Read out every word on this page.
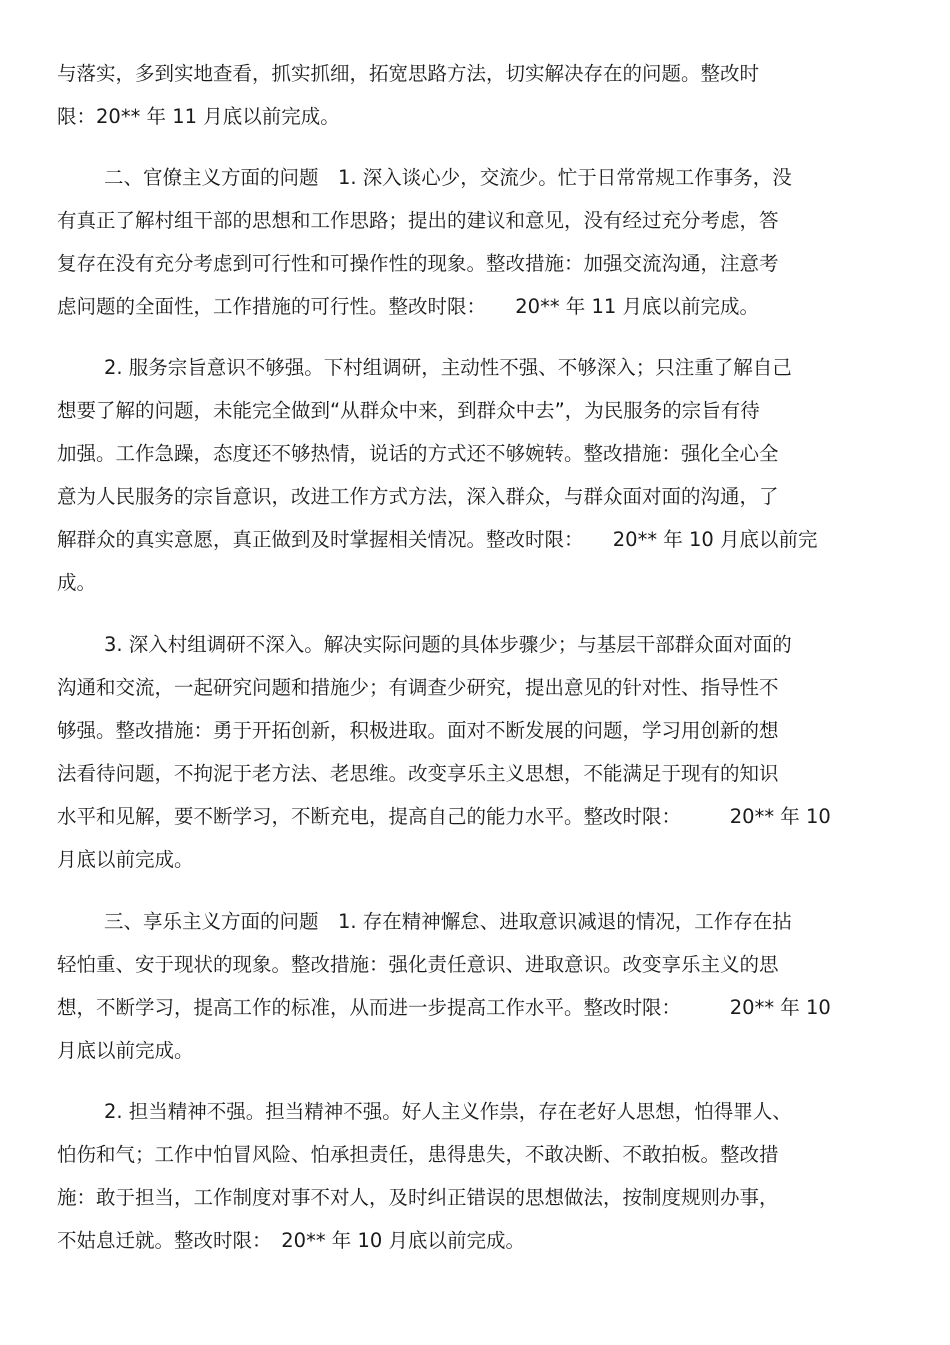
与落实，多到实地查看，抓实抓细，拓宽思路方法，切实解决存在的问题。整改时
限：20** 年 11 月底以前完成。
二、官僚主义方面的问题　1. 深入谈心少，交流少。忙于日常常规工作事务，没
有真正了解村组干部的思想和工作思路；提出的建议和意见，没有经过充分考虑，答
复存在没有充分考虑到可行性和可操作性的现象。整改措施：加强交流沟通，注意考
虑问题的全面性，工作措施的可行性。整改时限：　　20** 年 11 月底以前完成。
2. 服务宗旨意识不够强。下村组调研，主动性不强、不够深入；只注重了解自己
想要了解的问题，未能完全做到“从群众中来，到群众中去”，为民服务的宗旨有待
加强。工作急躁，态度还不够热情，说话的方式还不够婉转。整改措施：强化全心全
意为人民服务的宗旨意识，改进工作方式方法，深入群众，与群众面对面的沟通，了
解群众的真实意愿，真正做到及时掌握相关情况。整改时限：　　20** 年 10 月底以前完
成。
3. 深入村组调研不深入。解决实际问题的具体步骤少；与基层干部群众面对面的
沟通和交流，一起研究问题和措施少；有调查少研究，提出意见的针对性、指导性不
够强。整改措施：勇于开拓创新，积极进取。面对不断发展的问题，学习用创新的想
法看待问题，不拘泥于老方法、老思维。改变享乐主义思想，不能满足于现有的知识
水平和见解，要不断学习，不断充电，提高自己的能力水平。整改时限：　　　20** 年 10
月底以前完成。
三、享乐主义方面的问题　1. 存在精神懈怠、进取意识减退的情况，工作存在拈
轻怕重、安于现状的现象。整改措施：强化责任意识、进取意识。改变享乐主义的思
想，不断学习，提高工作的标准，从而进一步提高工作水平。整改时限：　　　20** 年 10
月底以前完成。
2. 担当精神不强。担当精神不强。好人主义作祟，存在老好人思想，怕得罪人、
怕伤和气；工作中怕冒风险、怕承担责任，患得患失，不敢决断、不敢拍板。整改措
施：敢于担当，工作制度对事不对人，及时纠正错误的思想做法，按制度规则办事，
不姑息迁就。整改时限：　20** 年 10 月底以前完成。
